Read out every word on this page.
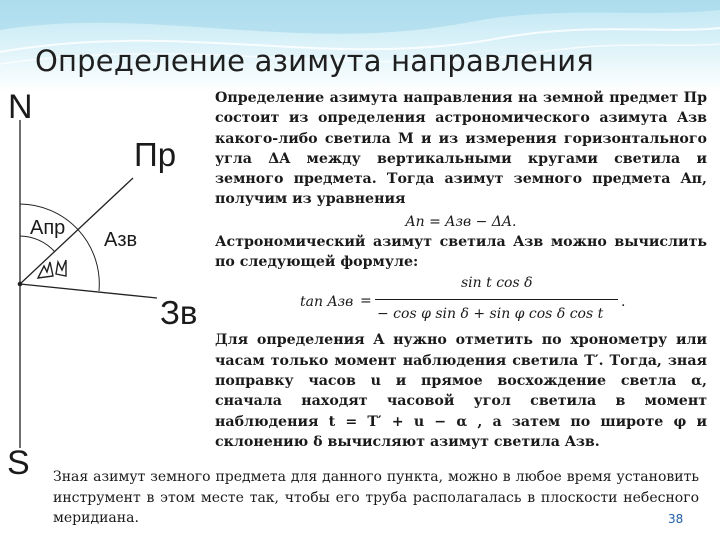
Определение азимута направления
N
S
Пр
Зв
Aпр
Aзв

Определение азимута направления на земной предмет Пр состоит из определения астрономического азимута Aзв какого-либо светила M и из измерения горизонтального угла ΔA между вертикальными кругами светила и земного предмета. Тогда азимут земного предмета Aп, получим из уравнения

Aп = Aзв − ΔA.

Астрономический азимут светила Aзв можно вычислить по следующей формуле:

tan Aзв =
sin t cos δ
− cos φ sin δ + sin φ cos δ cos t
.

Для определения A нужно отметить по хронометру или часам только момент наблюдения светила T′. Тогда, зная поправку часов u и прямое восхождение светла α, сначала находят часовой угол светила в момент наблюдения t = T′ + u − α , а затем по широте φ и склонению δ вычисляют азимут светила Aзв.

Зная азимут земного предмета для данного пункта, можно в любое время установить инструмент в этом месте так, чтобы его труба располагалась в плоскости небесного меридиана.	38
